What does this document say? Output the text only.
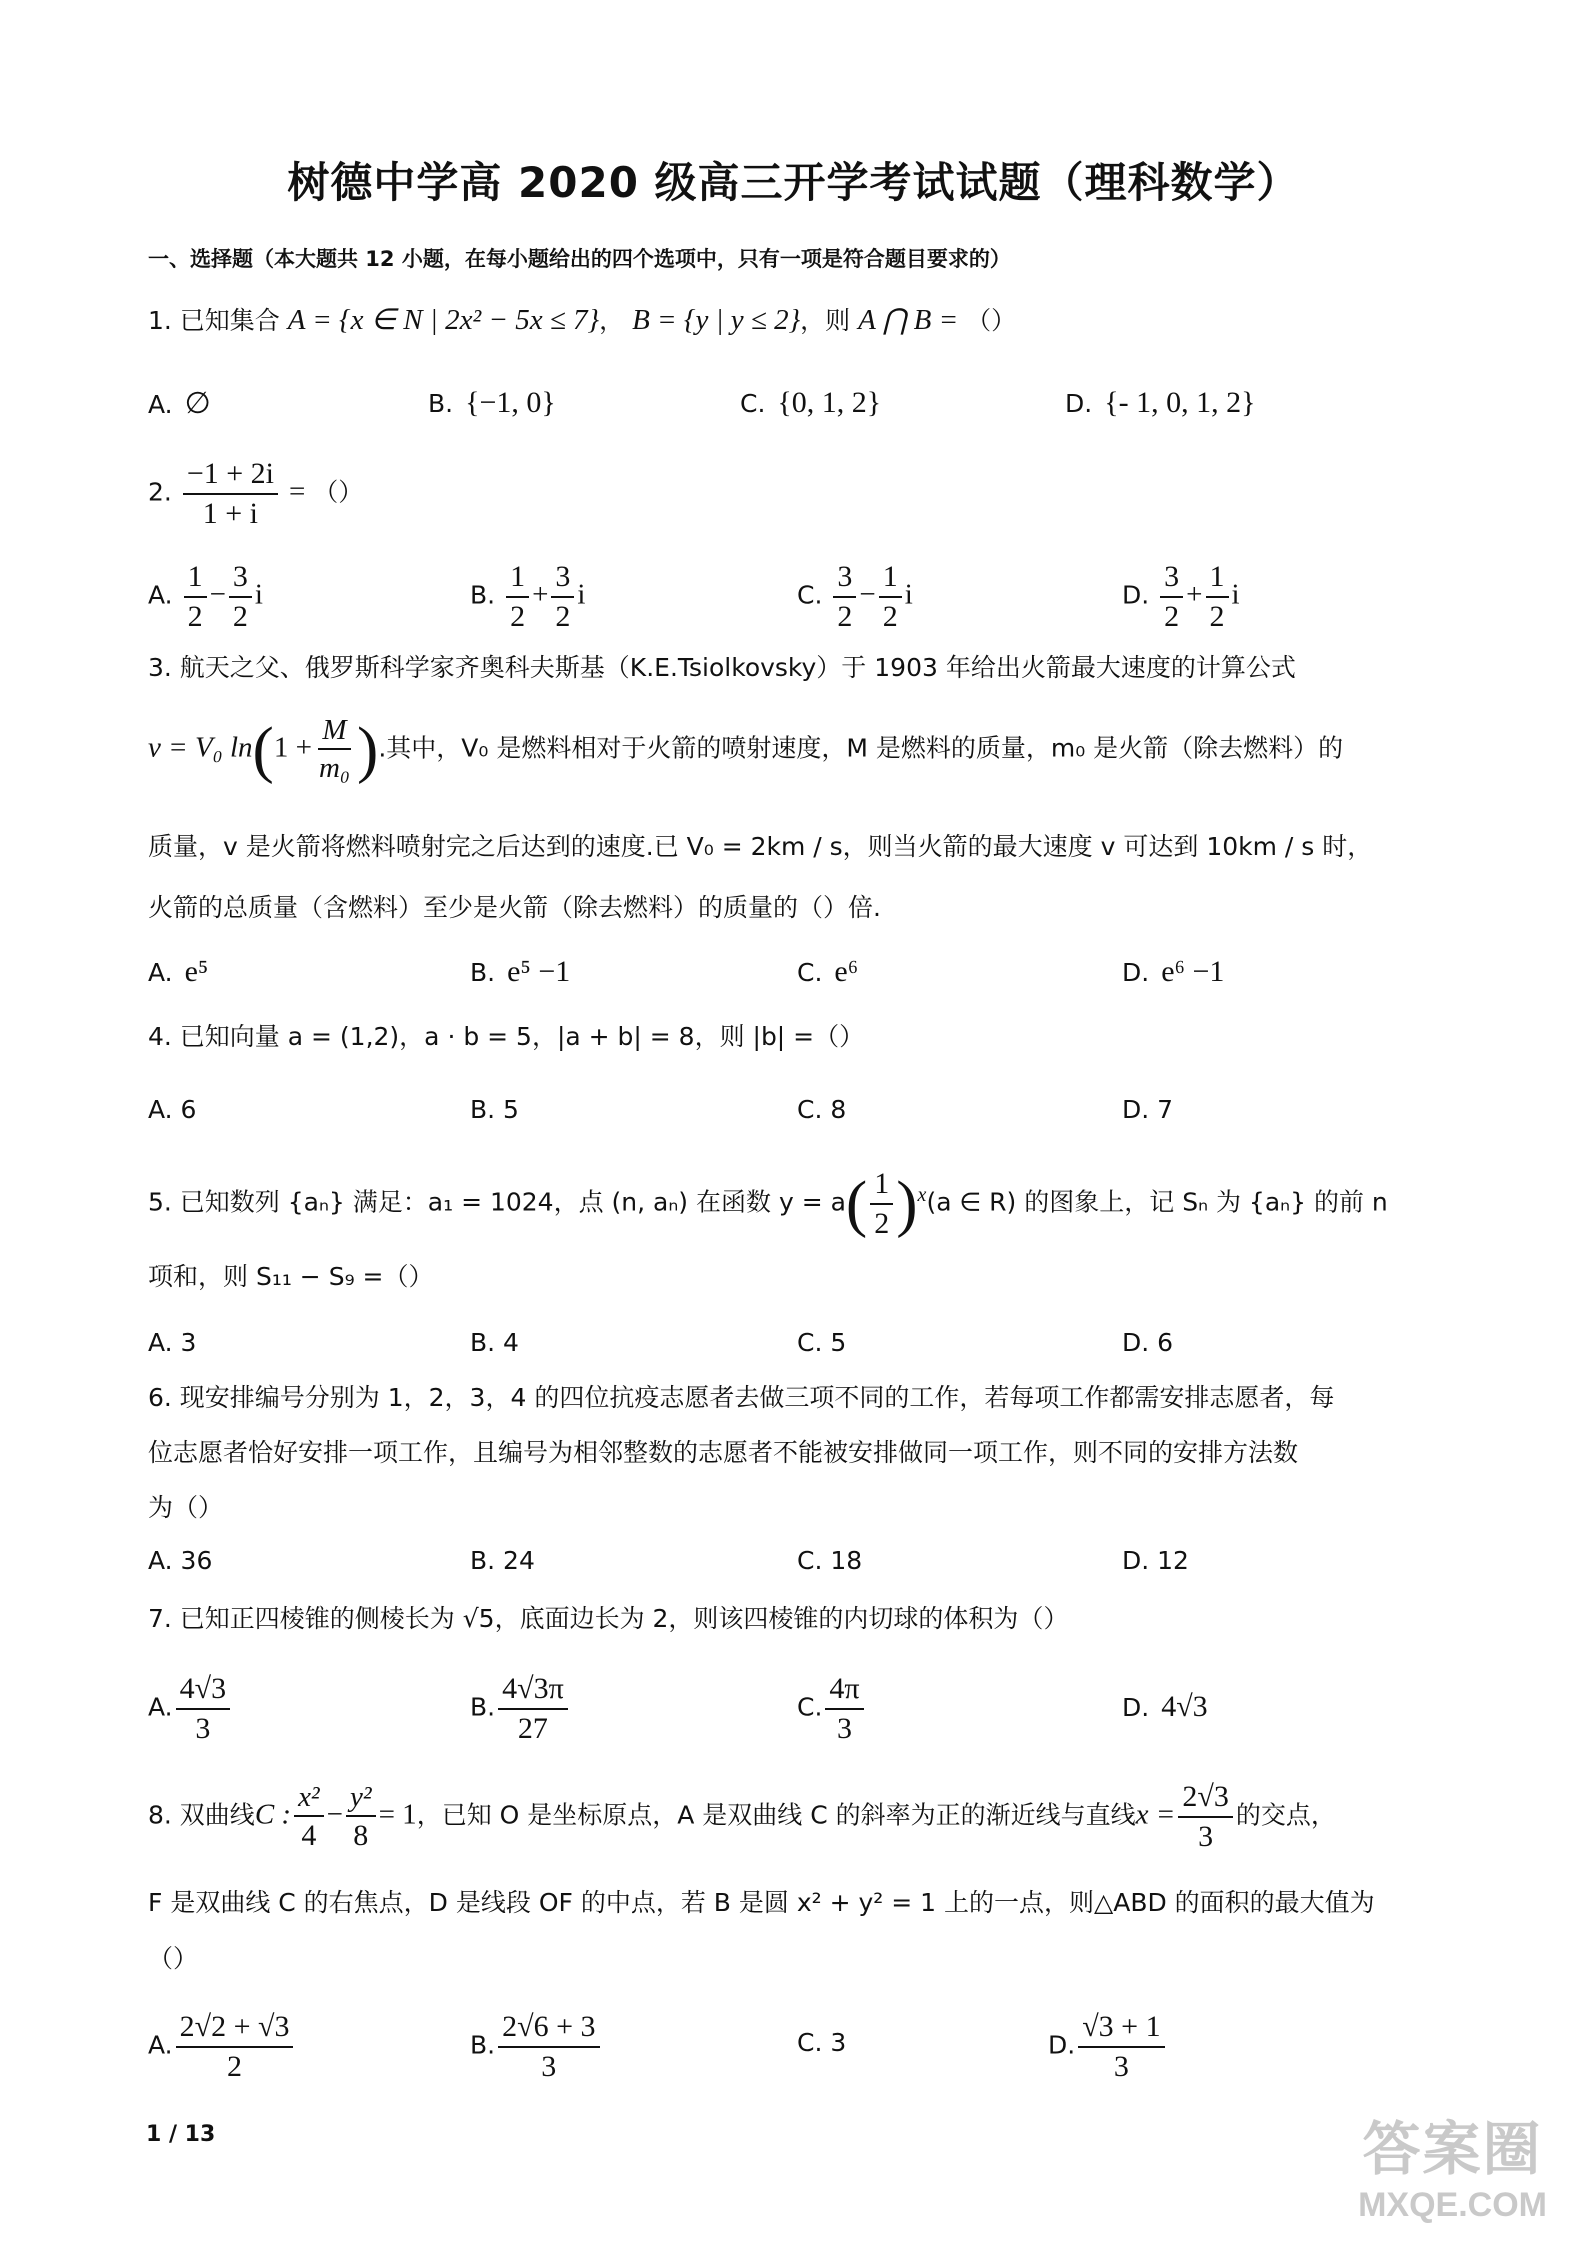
树德中学高 2020 级高三开学考试试题（理科数学）
一、选择题（本大题共 12 小题，在每小题给出的四个选项中，只有一项是符合题目要求的）
1. 已知集合 A = {x ∈ N | 2x² − 5x ≤ 7}， B = {y | y ≤ 2}，则 A ⋂ B = （）
A. ∅	B. {−1, 0}	C. {0, 1, 2}	D. {- 1, 0, 1, 2}
2. $\frac{-1 + 2i}{1 + i}$ = （）
A. $\frac{1}{2} - \frac{3}{2}$ i	B. $\frac{1}{2} + \frac{3}{2}$ i	C. $\frac{3}{2} - \frac{1}{2}$ i	D. $\frac{3}{2} + \frac{1}{2}$ i
3. 航天之父、俄罗斯科学家齐奥科夫斯基（K.E.Tsiolkovsky）于 1903 年给出火箭最大速度的计算公式
v = V₀ $\ln(1 + \frac{M}{\text{m₀}}$ ).其中，V₀ 是燃料相对于火箭的喷射速度，M 是燃料的质量，m₀ 是火箭（除去燃料）的
质量，v 是火箭将燃料喷射完之后达到的速度.已 V₀ = 2km / s，则当火箭的最大速度 v 可达到 10km / s 时，
火箭的总质量（含燃料）至少是火箭（除去燃料）的质量的（）倍.
A. e⁵	B. e⁵ −1	C. e⁶	D. e⁶ −1
4. 已知向量 a = (1,2)，a · b = 5，|a + b| = 8，则 |b| =（）
A. 6	B. 5	C. 8	D. 7
5. 已知数列 {aₙ} 满足：a₁ = 1024，点 (n, aₙ) 在函数 $y = a( \frac{1}{2} )^x(a$ ∈ R) 的图象上，记 Sₙ 为 {aₙ} 的前 n
项和，则 S₁₁ − S₉ =（）
A. 3	B. 4	C. 5	D. 6
6. 现安排编号分别为 1，2，3，4 的四位抗疫志愿者去做三项不同的工作，若每项工作都需安排志愿者，每
位志愿者恰好安排一项工作，且编号为相邻整数的志愿者不能被安排做同一项工作，则不同的安排方法数
为（）
A. 36	B. 24	C. 18	D. 12
7. 已知正四棱锥的侧棱长为 √5，底面边长为 2，则该四棱锥的内切球的体积为（）
A. $\frac{4√3}{3}$	B. $\frac{4√3\pi}{27}$	C. $\frac{4\pi}{3}$	D. 4√3
8. 双曲线C : $\frac{\text{x²}}{4} - \frac{\text{y²}}{8} = 1$，已知 O 是坐标原点，A 是双曲线 C 的斜率为正的渐近线与直线$x = \frac{2√3}{3}$ 的交点，
F 是双曲线 C 的右焦点，D 是线段 OF 的中点，若 B 是圆 x² + y² = 1 上的一点，则△ABD 的面积的最大值为
（）
A. $\frac{2√2 + √3}{2}$	B. $\frac{2√6 + 3}{3}$	C. 3	D. $\frac{√3 + 1}{3}$
1 / 13	答案圈
MXQE.COM
